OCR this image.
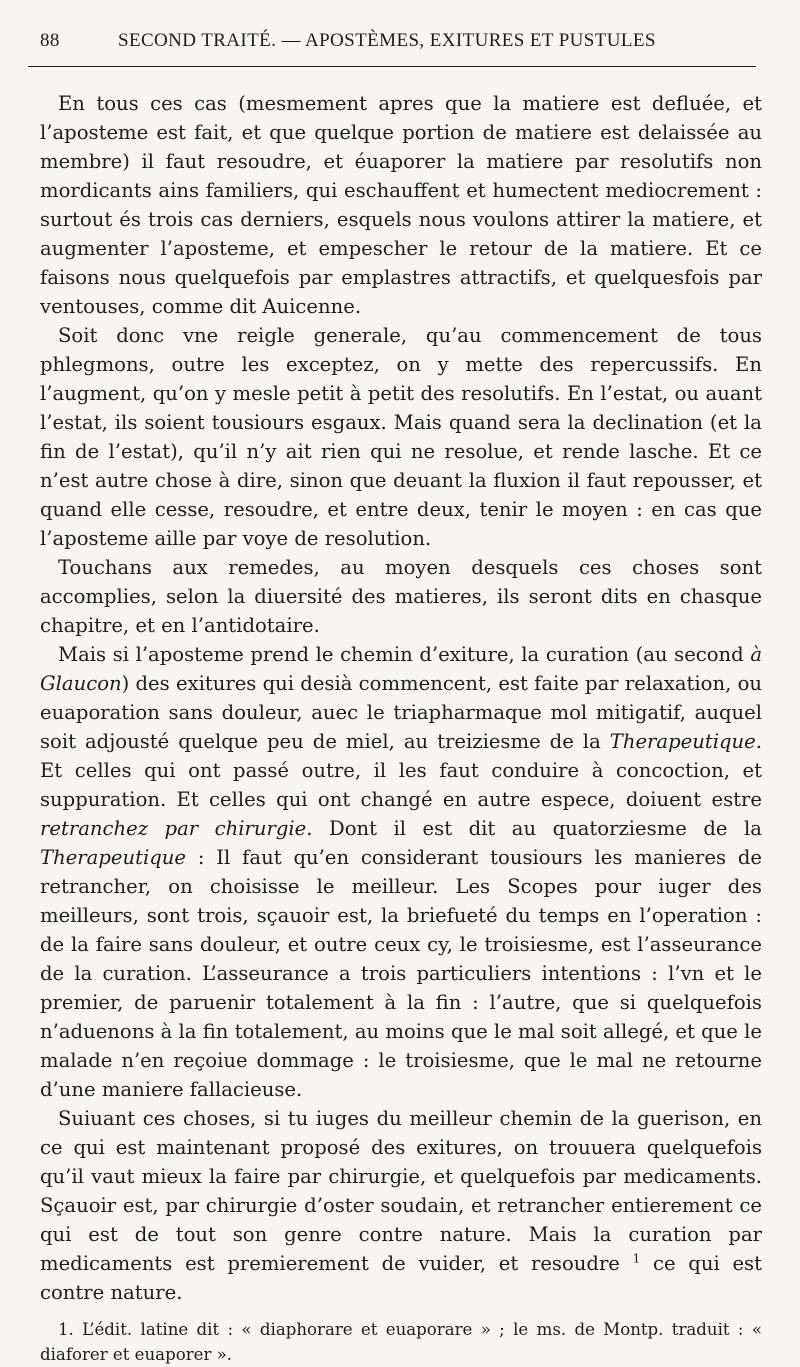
88	SECOND TRAITÉ. — APOSTÈMES, EXITURES ET PUSTULES

En tous ces cas (mesmement apres que la matiere est defluée, et l’aposteme est fait, et que quelque portion de matiere est delaissée au membre) il faut resoudre, et éuaporer la matiere par resolutifs non mordicants ains familiers, qui eschauffent et humectent mediocrement : surtout és trois cas derniers, esquels nous voulons attirer la matiere, et augmenter l’aposteme, et empescher le retour de la matiere. Et ce faisons nous quelquefois par emplastres attractifs, et quelquesfois par ventouses, comme dit Auicenne.

Soit donc vne reigle generale, qu’au commencement de tous phlegmons, outre les exceptez, on y mette des repercussifs. En l’augment, qu’on y mesle petit à petit des resolutifs. En l’estat, ou auant l’estat, ils soient tousiours esgaux. Mais quand sera la declination (et la fin de l’estat), qu’il n’y ait rien qui ne resolue, et rende lasche. Et ce n’est autre chose à dire, sinon que deuant la fluxion il faut repousser, et quand elle cesse, resoudre, et entre deux, tenir le moyen : en cas que l’aposteme aille par voye de resolution.

Touchans aux remedes, au moyen desquels ces choses sont accomplies, selon la diuersité des matieres, ils seront dits en chasque chapitre, et en l’antidotaire.

Mais si l’aposteme prend le chemin d’exiture, la curation (au second à Glaucon) des exitures qui desià commencent, est faite par relaxation, ou euaporation sans douleur, auec le triapharmaque mol mitigatif, auquel soit adjousté quelque peu de miel, au treiziesme de la Therapeutique. Et celles qui ont passé outre, il les faut conduire à concoction, et suppuration. Et celles qui ont changé en autre espece, doiuent estre retranchez par chirurgie. Dont il est dit au quatorziesme de la Therapeutique : Il faut qu’en considerant tousiours les manieres de retrancher, on choisisse le meilleur. Les Scopes pour iuger des meilleurs, sont trois, sçauoir est, la briefueté du temps en l’operation : de la faire sans douleur, et outre ceux cy, le troisiesme, est l’asseurance de la curation. L’asseurance a trois particuliers intentions : l’vn et le premier, de paruenir totalement à la fin : l’autre, que si quelquefois n’aduenons à la fin totalement, au moins que le mal soit allegé, et que le malade n’en reçoiue dommage : le troisiesme, que le mal ne retourne d’une maniere fallacieuse.

Suiuant ces choses, si tu iuges du meilleur chemin de la guerison, en ce qui est maintenant proposé des exitures, on trouuera quelquefois qu’il vaut mieux la faire par chirurgie, et quelquefois par medicaments. Sçauoir est, par chirurgie d’oster soudain, et retrancher entierement ce qui est de tout son genre contre nature. Mais la curation par medicaments est premierement de vuider, et resoudre $^1$ ce qui est contre nature.

1. L’édit. latine dit : « diaphorare et euaporare » ; le ms. de Montp. traduit : « diaforer et euaporer ».
